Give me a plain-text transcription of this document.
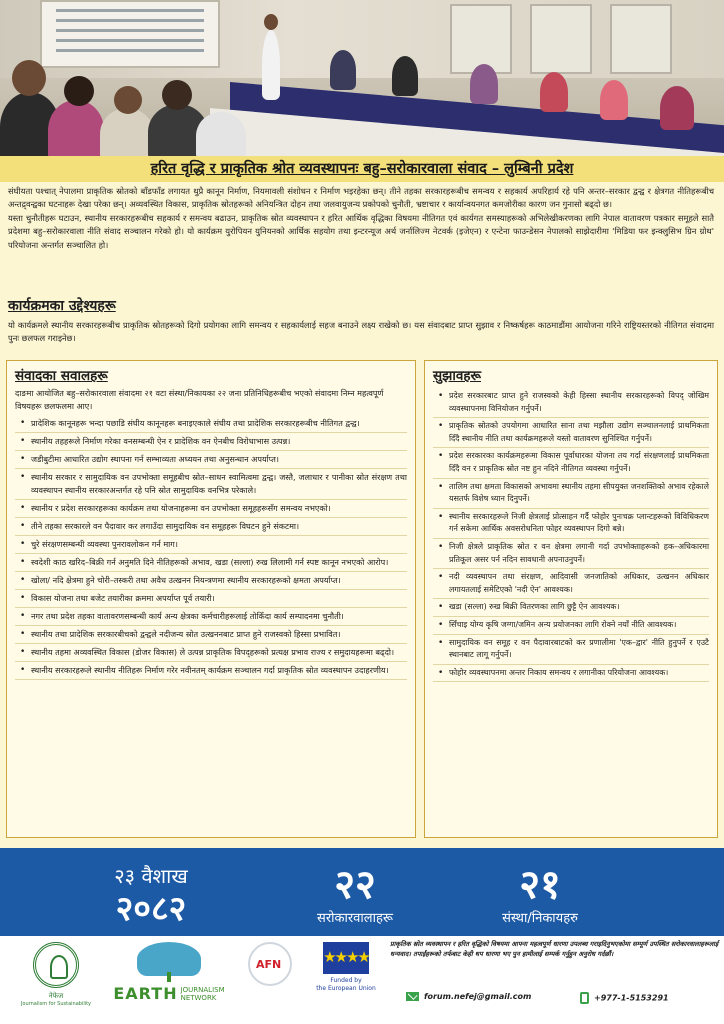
हरित वृद्धि र प्राकृतिक श्रोत व्यवस्थापनः बहु–सरोकारवाला संवाद – लुम्बिनी प्रदेश

संघीयता पश्चात् नेपालमा प्राकृतिक स्रोतको बाँडफाँड लगायत थुप्रै कानून निर्माण, नियमावली संशोधन र निर्माण भइरहेका छन्। तीने तहका सरकारहरूबीच समन्वय र सहकार्य अपरिहार्य रहे पनि अन्तर–सरकार द्वन्द्व र क्षेत्रगत नीतिहरूबीच अन्तद्र्वन्द्वका घटनाहरू देखा परेका छन्। अव्यवस्थित विकास, प्राकृतिक स्रोतहरूको अनियन्त्रित दोहन तथा जलवायुजन्य प्रकोपको चुनौती, भ्रष्टाचार र कार्यान्वयनगत कमजोरीका कारण जन गुनासो बढ्दो छ।

यस्ता चुनौतीहरू घटाउन, स्थानीय सरकारहरूबीच सहकार्य र समन्वय बढाउन, प्राकृतिक स्रोत व्यवस्थापन र हरित आर्थिक वृद्धिका विषयमा नीतिगत एवं कार्यगत समस्याहरूको अभिलेखीकरणका लागि नेपाल वातावरण पत्रकार समूहले सातै प्रदेशमा बहु–सरोकारवाला नीति संवाद सञ्चालन गरेको हो। यो कार्यक्रम युरोपियन युनियनको आर्थिक सहयोग तथा इन्टरन्यूज अर्थ जर्नालिज्म नेटवर्क (इजेएन) र एन्टेना फाउन्डेसन नेपालको साझेदारीमा 'मिडिया फर इन्क्लुसिभ ग्रिन ग्रोथ' परियोजना अन्तर्गत सञ्चालित हो।

कार्यक्रमका उद्देश्यहरू

यो कार्यक्रमले स्थानीय सरकारहरूबीच प्राकृतिक स्रोतहरूको दिगो प्रयोगका लागि समन्वय र सहकार्यलाई सहज बनाउने लक्ष्य राखेको छ। यस संवादबाट प्राप्त सुझाव र निष्कर्षहरू काठमाडौंमा आयोजना गरिने राष्ट्रियस्तरको नीतिगत संवादमा पुनः छलफल गराइनेछ।

संवादका सवालहरू

दाङमा आयोजित बहु–सरोकारवाला संवादमा २१ वटा संस्था/निकायका २२ जना प्रतिनिधिहरूबीच भएको संवादमा निम्न महत्वपूर्ण विषयहरू छलफलमा आए।

• प्रादेशिक कानूनहरू भन्दा पछाडि संघीय कानूनहरू बनाइएकाले संघीय तथा प्रादेशिक सरकारहरूबीच नीतिगत द्वन्द्व।
• स्थानीय तहहरूले निर्माण गरेका वनसम्बन्धी ऐन र प्रादेशिक वन ऐनबीच विरोधाभास उत्पन्न।
• जडीबुटीमा आधारित उद्योग स्थापना गर्न सम्भाव्यता अध्ययन तथा अनुसन्धान अपर्याप्त।
• स्थानीय सरकार र सामुदायिक वन उपभोक्ता समूहबीच स्रोत–साधन स्वामित्वमा द्वन्द्व। जस्तै, जलाधार र पानीका स्रोत संरक्षण तथा व्यवस्थापन स्थानीय सरकारअन्तर्गत रहे पनि स्रोत सामुदायिक वनभित्र परेकाले।
• स्थानीय र प्रदेश सरकारहरूका कार्यक्रम तथा योजनाहरूमा वन उपभोक्ता समूहहरूसँग समन्वय नभएको।
• तीने तहका सरकारले वन पैदावार कर लगाउँदा सामुदायिक वन समूहहरू विघटन हुने संकटमा।
• चुरे संरक्षणसम्बन्धी व्यवस्था पुनरावलोकन गर्न माग।
• स्वदेशी काठ खरिद–बिक्री गर्न अनुमति दिने नीतिहरूको अभाव, खडा (सल्ला) रुख लिलामी गर्न स्पष्ट कानून नभएको आरोप।
• खोला/ नदि क्षेत्रमा हुने चोरी–तस्करी तथा अवैध उत्खनन नियन्त्रणमा स्थानीय सरकारहरूको क्षमता अपर्याप्त।
• विकास योजना तथा बजेट तयारीका क्रममा अपर्याप्त पूर्व तयारी।
• नगर तथा प्रदेश तहका वातावरणसम्बन्धी कार्य अन्य क्षेत्रका कर्मचारीहरूलाई तोकिँदा कार्य सम्पादनमा चुनौती।
• स्थानीय तथा प्रादेशिक सरकारबीचको द्वन्द्वले नदीजन्य स्रोत उत्खननबाट प्राप्त हुने राजस्वको हिस्सा प्रभावित।
• स्थानीय तहमा अव्यवस्थित विकास (डोजर विकास) ले उत्पन्न प्राकृतिक विपद्हरूको प्रत्यक्ष प्रभाव राज्य र समुदायहरूमा बढ्दो।
• स्थानीय सरकारहरूले स्थानीय नीतिहरू निर्माण गरेर नवीनतम् कार्यक्रम सञ्चालन गर्दा प्राकृतिक स्रोत व्यवस्थापन उदाहरणीय।
सुझावहरू
• प्रदेश सरकारबाट प्राप्त हुने राजस्वको केही हिस्सा स्थानीय सरकारहरूको विपद् जोखिम व्यवस्थापनमा विनियोजन गर्नुपर्ने।
• प्राकृतिक स्रोतको उपयोगमा आधारित साना तथा मझौला उद्योग सञ्चालनलाई प्राथमिकता दिँदै स्थानीय नीति तथा कार्यक्रमहरूले यस्तो वातावरण सुनिश्चित गर्नुपर्ने।
• प्रदेश सरकारका कार्यक्रमहरूमा विकास पूर्वाधारका योजना तय गर्दा संरक्षणलाई प्राथमिकता दिँदै वन र प्राकृतिक स्रोत नष्ट हुन नदिने नीतिगत व्यवस्था गर्नुपर्ने।
• तालिम तथा क्षमता विकासको अभावमा स्थानीय तहमा सीपयुक्त जनशक्तिको अभाव रहेकाले यसतर्फ विशेष ध्यान दिनुपर्ने।
• स्थानीय सरकारहरूले निजी क्षेत्रलाई प्रोत्साहन गर्दै फोहोर पुनःचक्र प्लान्टहरूको विविधिकरण गर्न सकेमा आर्थिक अवसरोधनिता फोहर व्यवस्थापन दिगो बन्ने।
• निजी क्षेत्रले प्राकृतिक स्रोत र वन क्षेत्रमा लगानी गर्दा उपभोक्ताहरूको हक–अधिकारमा प्रतिकूल असर पर्न नदिन सावधानी अपनाउनुपर्ने।
• नदी व्यवस्थापन तथा संरक्षण, आदिवासी जनजातिको अधिकार, उत्खनन अधिकार लगायतलाई समेटिएको 'नदी ऐन' आवश्यक।
• खडा (सल्ला) रुख बिक्री वितरणका लागि छुट्टै ऐन आवश्यक।
• सिँचाइ योग्य कृषि जग्गा/जमिन अन्य प्रयोजनका लागि रोक्ने नयाँ नीति आवश्यक।
• सामुदायिक वन समूह र वन पैदावारबाटको कर प्रणालीमा 'एक–द्वार' नीति हुनुपर्ने र एउटै स्थानबाट लागू गर्नुपर्ने।
• फोहोर व्यवस्थापनमा अन्तर निकाय समन्वय र लगानीका परियोजना आवश्यक।
२३ वैशाख
२०८२
२२
सरोकारवालाहरू
२१
संस्था/निकायहरु
नेफेज
Journalism for Sustainability
EARTH JOURNALISM
NETWORK
AFN	★★★★
Funded by
the European Union

प्राकृतिक स्रोत व्यवस्थापन र हरित वृद्धिको विषयमा आफ्ना महत्वपूर्ण धारणा उपलब्ध गराइदिनुभएकोमा सम्पूर्ण उपस्थित सरोकारवालाहरूलाई धन्यवाद। तपाईंहरूको तर्फबाट केही थप धारणा भए पुन हामीलाई सम्पर्क गर्नुहुन अनुरोध गर्दछौं।

forum.nefej@gmail.com	+977-1-5153291
